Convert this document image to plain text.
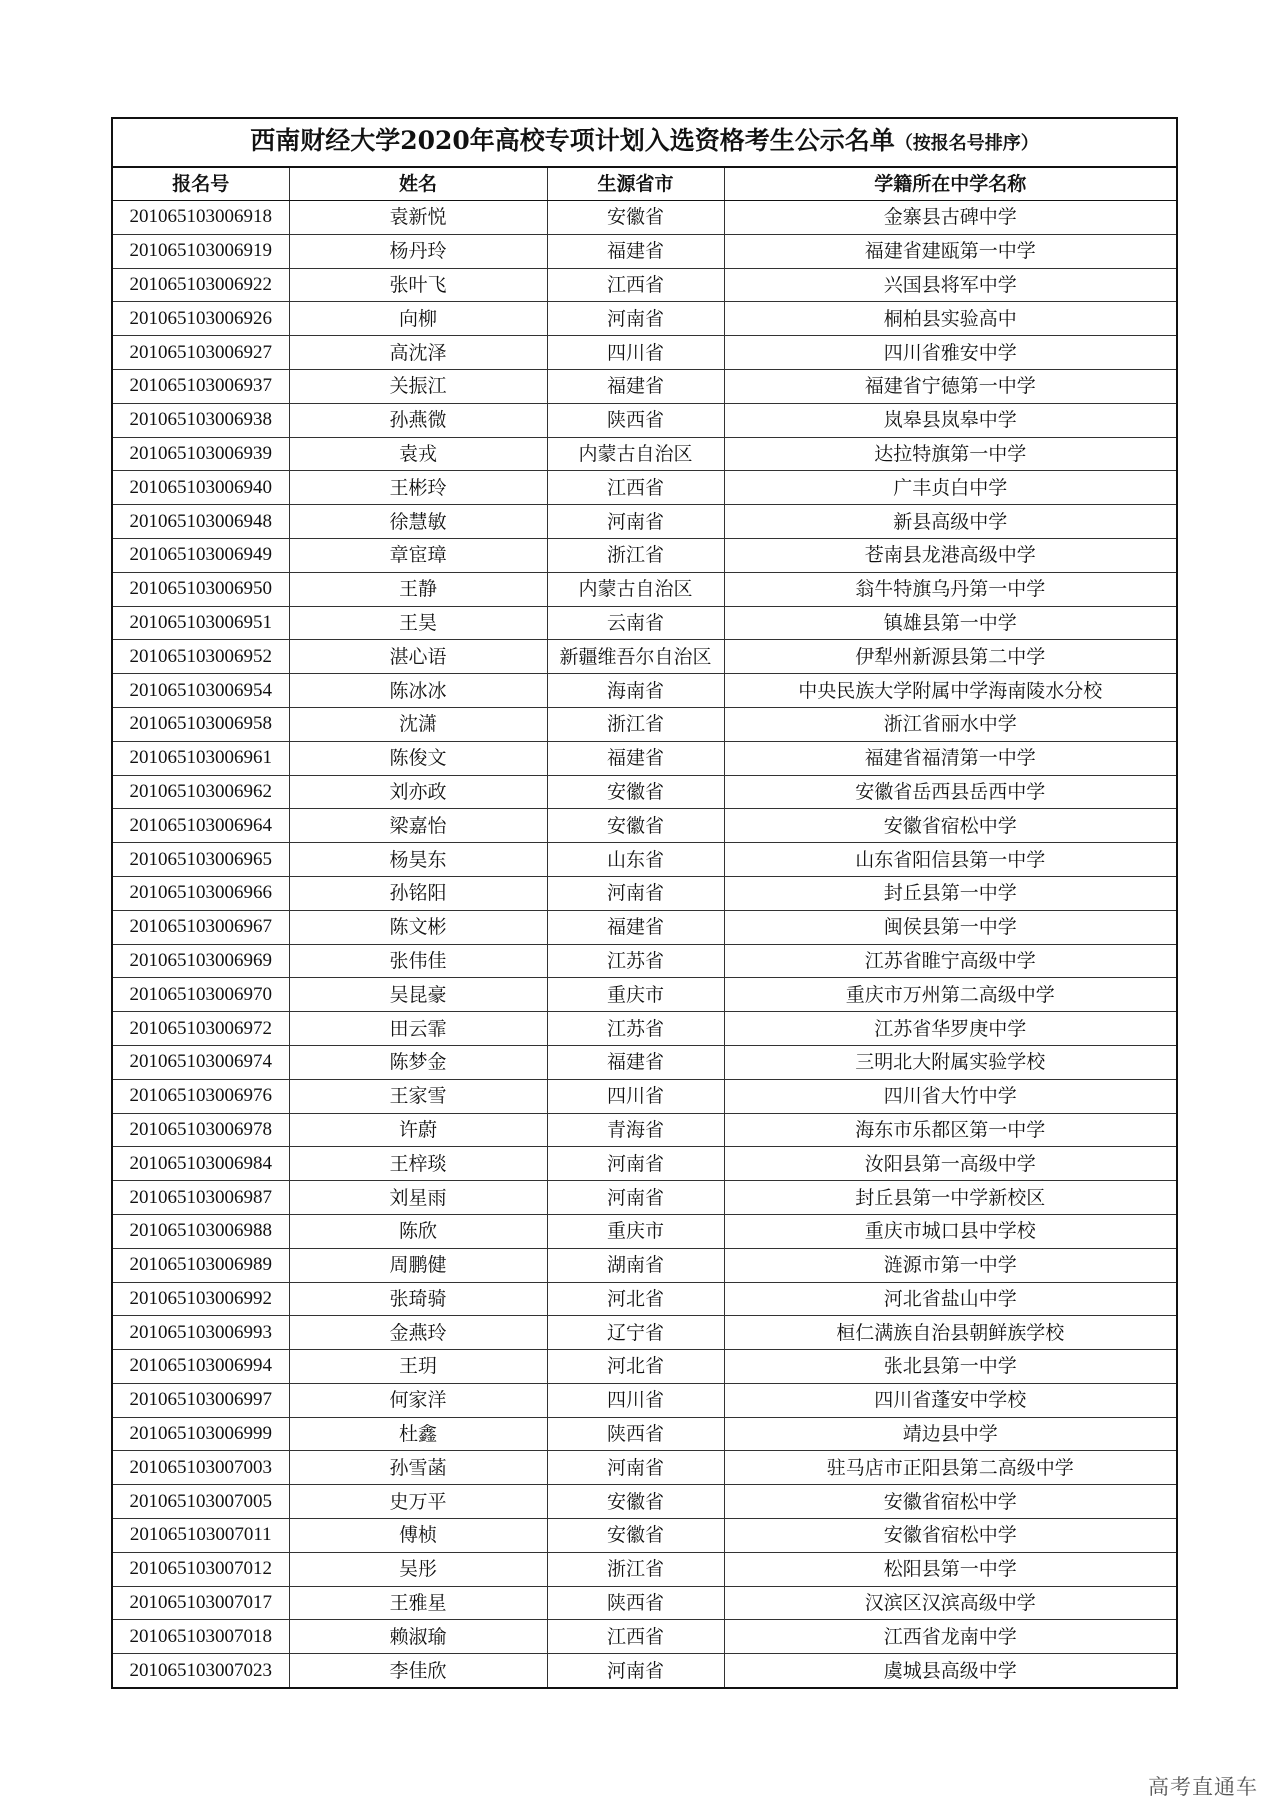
西南财经大学2020年高校专项计划入选资格考生公示名单（按报名号排序）			
报名号	姓名	生源省市	学籍所在中学名称
201065103006918	袁新悦	安徽省	金寨县古碑中学
201065103006919	杨丹玲	福建省	福建省建瓯第一中学
201065103006922	张叶飞	江西省	兴国县将军中学
201065103006926	向柳	河南省	桐柏县实验高中
201065103006927	高沈泽	四川省	四川省雅安中学
201065103006937	关振江	福建省	福建省宁德第一中学
201065103006938	孙燕微	陕西省	岚皋县岚皋中学
201065103006939	袁戎	内蒙古自治区	达拉特旗第一中学
201065103006940	王彬玲	江西省	广丰贞白中学
201065103006948	徐慧敏	河南省	新县高级中学
201065103006949	章宦璋	浙江省	苍南县龙港高级中学
201065103006950	王静	内蒙古自治区	翁牛特旗乌丹第一中学
201065103006951	王昊	云南省	镇雄县第一中学
201065103006952	湛心语	新疆维吾尔自治区	伊犁州新源县第二中学
201065103006954	陈冰冰	海南省	中央民族大学附属中学海南陵水分校
201065103006958	沈潇	浙江省	浙江省丽水中学
201065103006961	陈俊文	福建省	福建省福清第一中学
201065103006962	刘亦政	安徽省	安徽省岳西县岳西中学
201065103006964	梁嘉怡	安徽省	安徽省宿松中学
201065103006965	杨昊东	山东省	山东省阳信县第一中学
201065103006966	孙铭阳	河南省	封丘县第一中学
201065103006967	陈文彬	福建省	闽侯县第一中学
201065103006969	张伟佳	江苏省	江苏省睢宁高级中学
201065103006970	吴昆豪	重庆市	重庆市万州第二高级中学
201065103006972	田云霏	江苏省	江苏省华罗庚中学
201065103006974	陈梦金	福建省	三明北大附属实验学校
201065103006976	王家雪	四川省	四川省大竹中学
201065103006978	许蔚	青海省	海东市乐都区第一中学
201065103006984	王梓琰	河南省	汝阳县第一高级中学
201065103006987	刘星雨	河南省	封丘县第一中学新校区
201065103006988	陈欣	重庆市	重庆市城口县中学校
201065103006989	周鹏健	湖南省	涟源市第一中学
201065103006992	张琦骑	河北省	河北省盐山中学
201065103006993	金燕玲	辽宁省	桓仁满族自治县朝鲜族学校
201065103006994	王玥	河北省	张北县第一中学
201065103006997	何家洋	四川省	四川省蓬安中学校
201065103006999	杜鑫	陕西省	靖边县中学
201065103007003	孙雪菡	河南省	驻马店市正阳县第二高级中学
201065103007005	史万平	安徽省	安徽省宿松中学
201065103007011	傅桢	安徽省	安徽省宿松中学
201065103007012	吴彤	浙江省	松阳县第一中学
201065103007017	王雅星	陕西省	汉滨区汉滨高级中学
201065103007018	赖淑瑜	江西省	江西省龙南中学
201065103007023	李佳欣	河南省	虞城县高级中学
高考直通车
